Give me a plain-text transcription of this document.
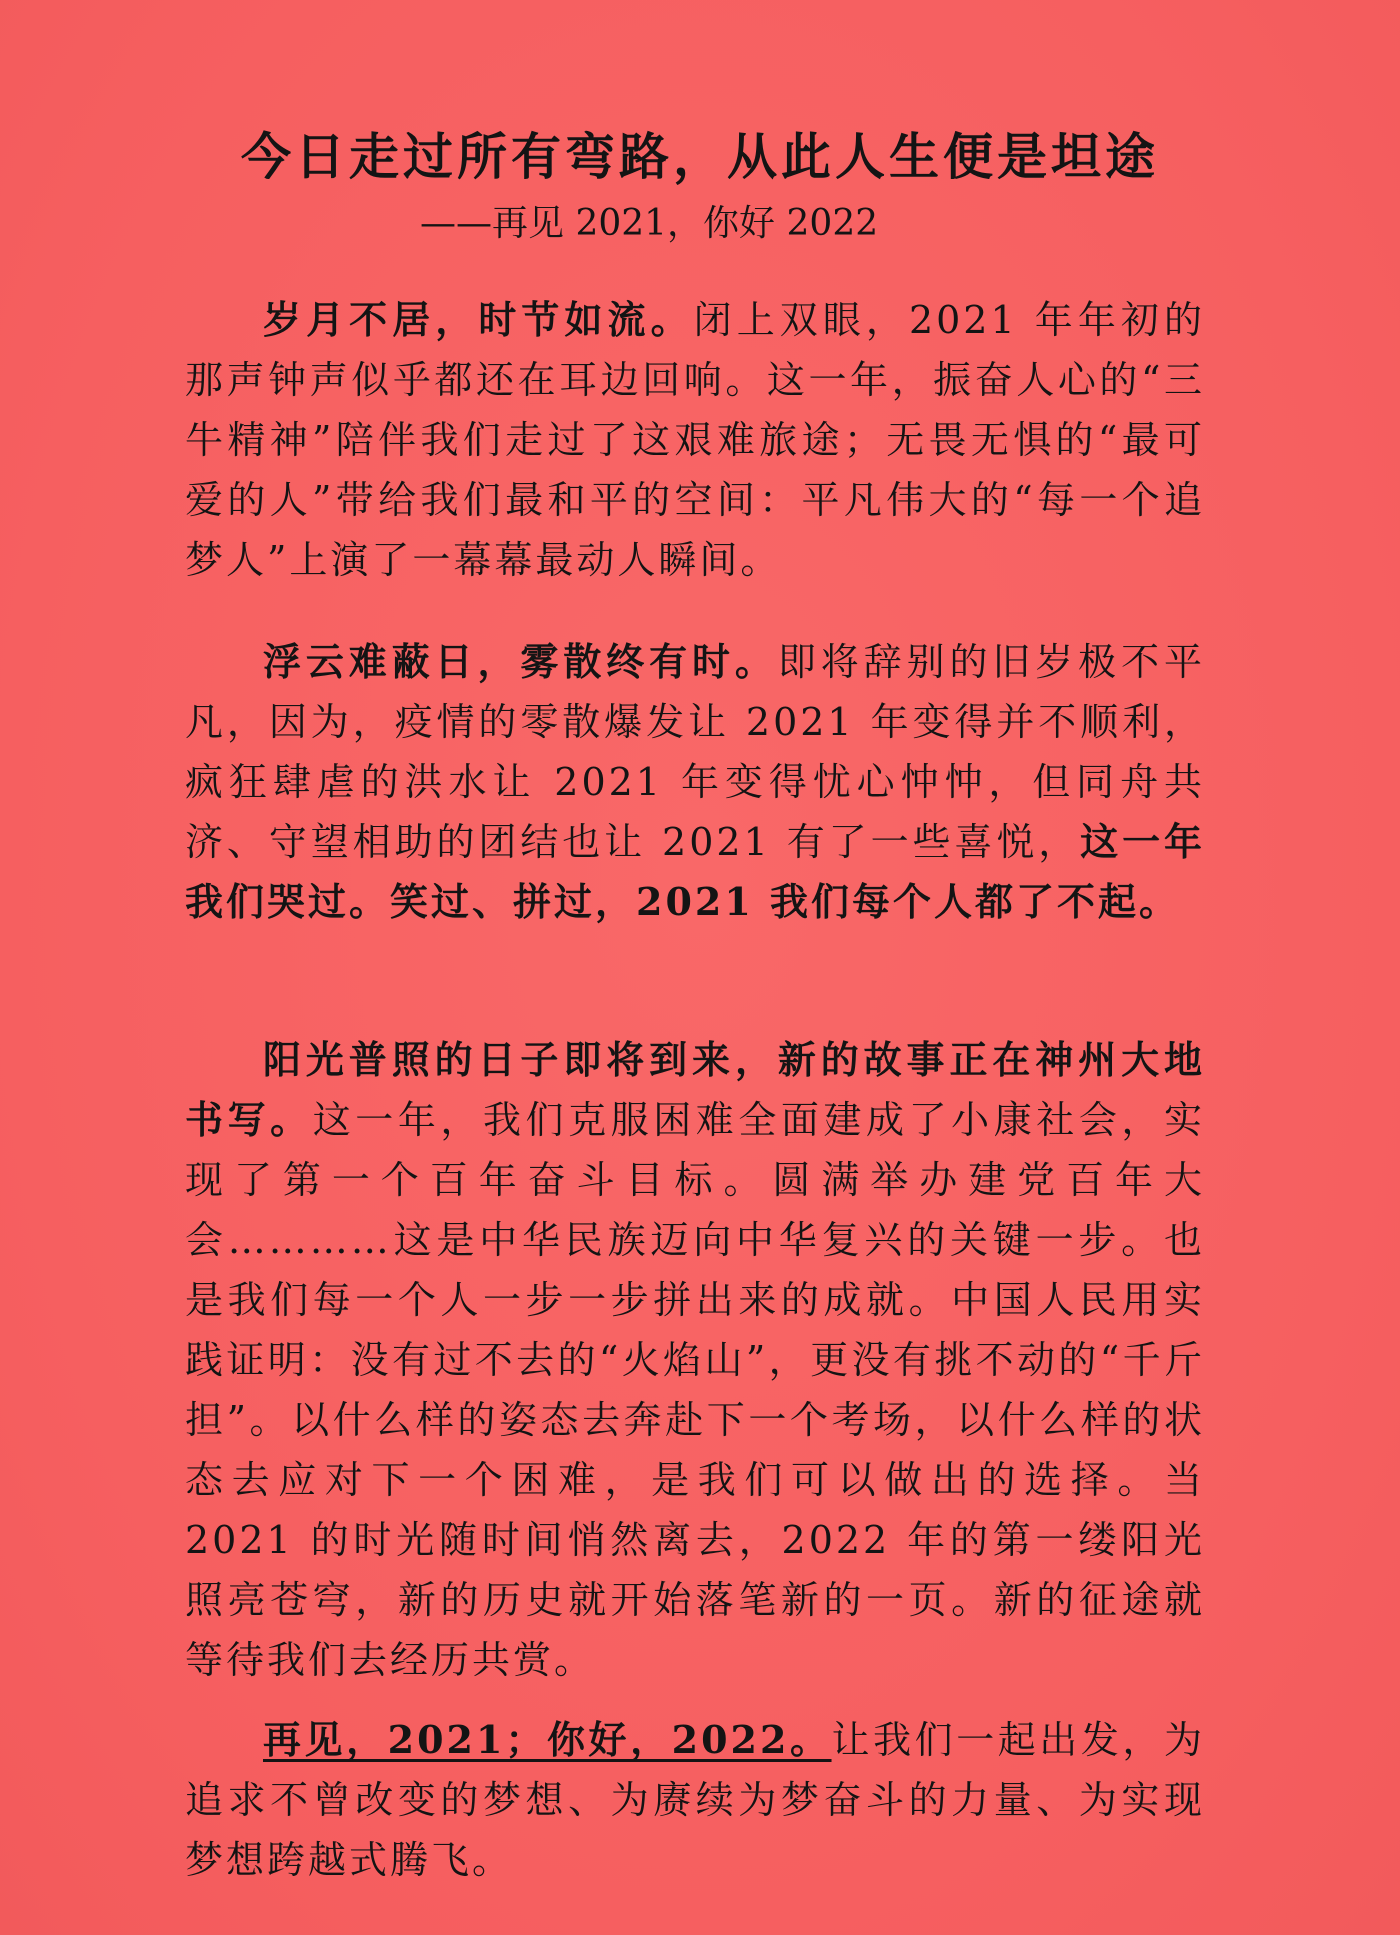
今日走过所有弯路，从此人生便是坦途
——再见 2021，你好 2022
岁月不居，时节如流。闭上双眼，2021 年年初的那声钟声似乎都还在耳边回响。这一年，振奋人心的“三牛精神”陪伴我们走过了这艰难旅途；无畏无惧的“最可爱的人”带给我们最和平的空间：平凡伟大的“每一个追梦人”上演了一幕幕最动人瞬间。
浮云难蔽日，雾散终有时。即将辞别的旧岁极不平凡，因为，疫情的零散爆发让 2021 年变得并不顺利，疯狂肆虐的洪水让 2021 年变得忧心忡忡，但同舟共济、守望相助的团结也让 2021 有了一些喜悦，这一年我们哭过。笑过、拼过，2021 我们每个人都了不起。
阳光普照的日子即将到来，新的故事正在神州大地书写。这一年，我们克服困难全面建成了小康社会，实现了第一个百年奋斗目标。圆满举办建党百年大会…………这是中华民族迈向中华复兴的关键一步。也是我们每一个人一步一步拼出来的成就。中国人民用实践证明：没有过不去的“火焰山”，更没有挑不动的“千斤担”。以什么样的姿态去奔赴下一个考场，以什么样的状态去应对下一个困难，是我们可以做出的选择。当 2021 的时光随时间悄然离去，2022 年的第一缕阳光照亮苍穹，新的历史就开始落笔新的一页。新的征途就等待我们去经历共赏。
再见，2021；你好，2022。让我们一起出发，为追求不曾改变的梦想、为赓续为梦奋斗的力量、为实现梦想跨越式腾飞。
